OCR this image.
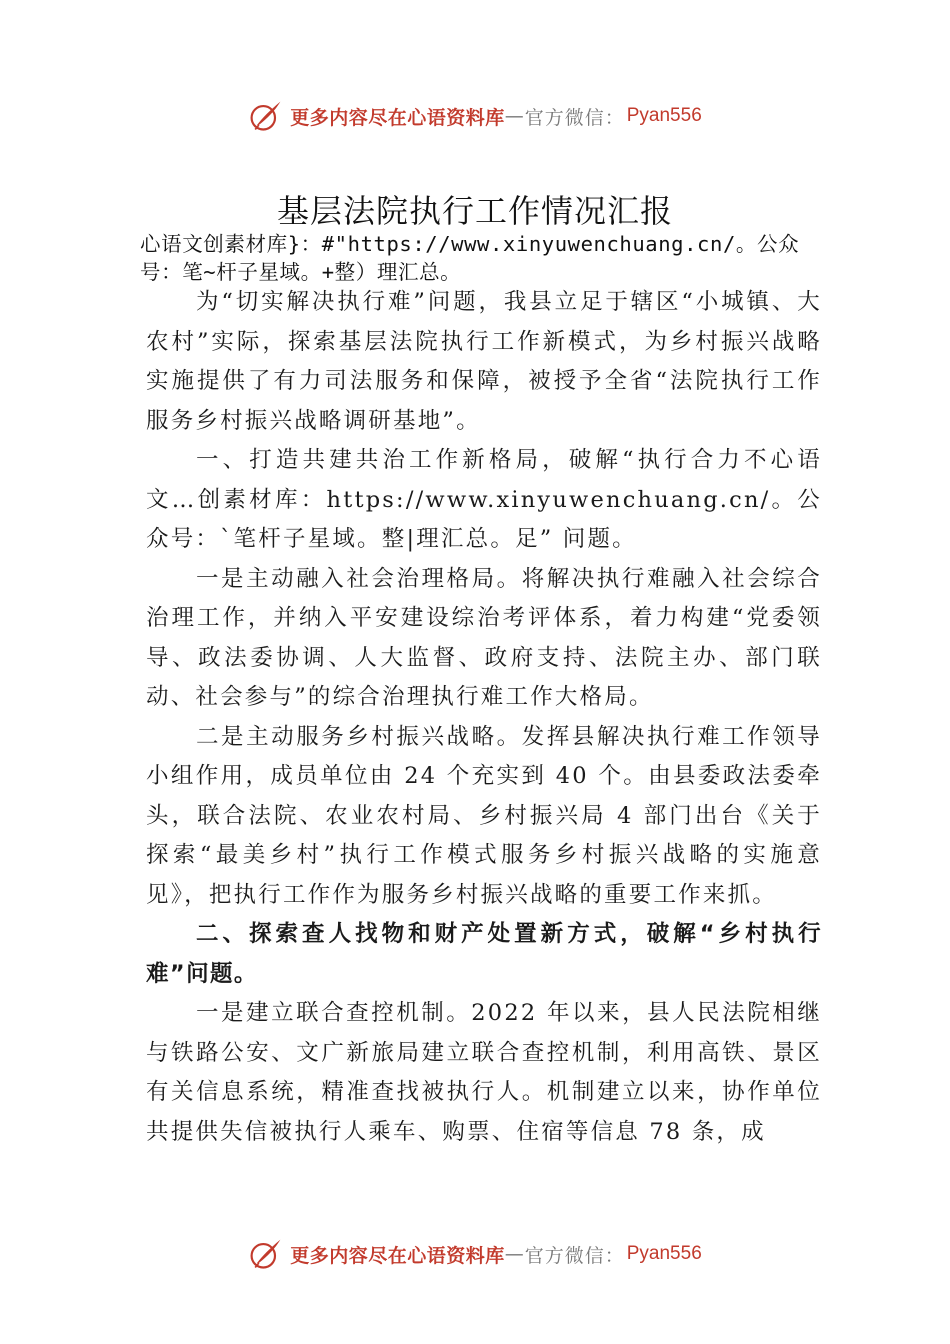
更多内容尽在心语资料库 — 官方微信： Pyan556
基层法院执行工作情况汇报
心语文创素材库}：#"https://www.xinyuwenchuang.cn/。公众号：笔~杆子星域。+整）理汇总。

为“切实解决执行难”问题，我县立足于辖区“小城镇、大农村”实际，探索基层法院执行工作新模式，为乡村振兴战略实施提供了有力司法服务和保障，被授予全省“法院执行工作服务乡村振兴战略调研基地”。

一、打造共建共治工作新格局，破解“执行合力不心语文…创素材库：https://www.xinyuwenchuang.cn/。公众号：`笔杆子星域。整|理汇总。足” 问题。

一是主动融入社会治理格局。将解决执行难融入社会综合治理工作，并纳入平安建设综治考评体系，着力构建“党委领导、政法委协调、人大监督、政府支持、法院主办、部门联动、社会参与”的综合治理执行难工作大格局。

二是主动服务乡村振兴战略。发挥县解决执行难工作领导小组作用，成员单位由 24 个充实到 40 个。由县委政法委牵头，联合法院、农业农村局、乡村振兴局 4 部门出台《关于探索“最美乡村”执行工作模式服务乡村振兴战略的实施意见》，把执行工作作为服务乡村振兴战略的重要工作来抓。

二、探索查人找物和财产处置新方式，破解“乡村执行难”问题。

一是建立联合查控机制。2022 年以来，县人民法院相继与铁路公安、文广新旅局建立联合查控机制，利用高铁、景区有关信息系统，精准查找被执行人。机制建立以来，协作单位共提供失信被执行人乘车、购票、住宿等信息 78 条，成

更多内容尽在心语资料库 — 官方微信： Pyan556
